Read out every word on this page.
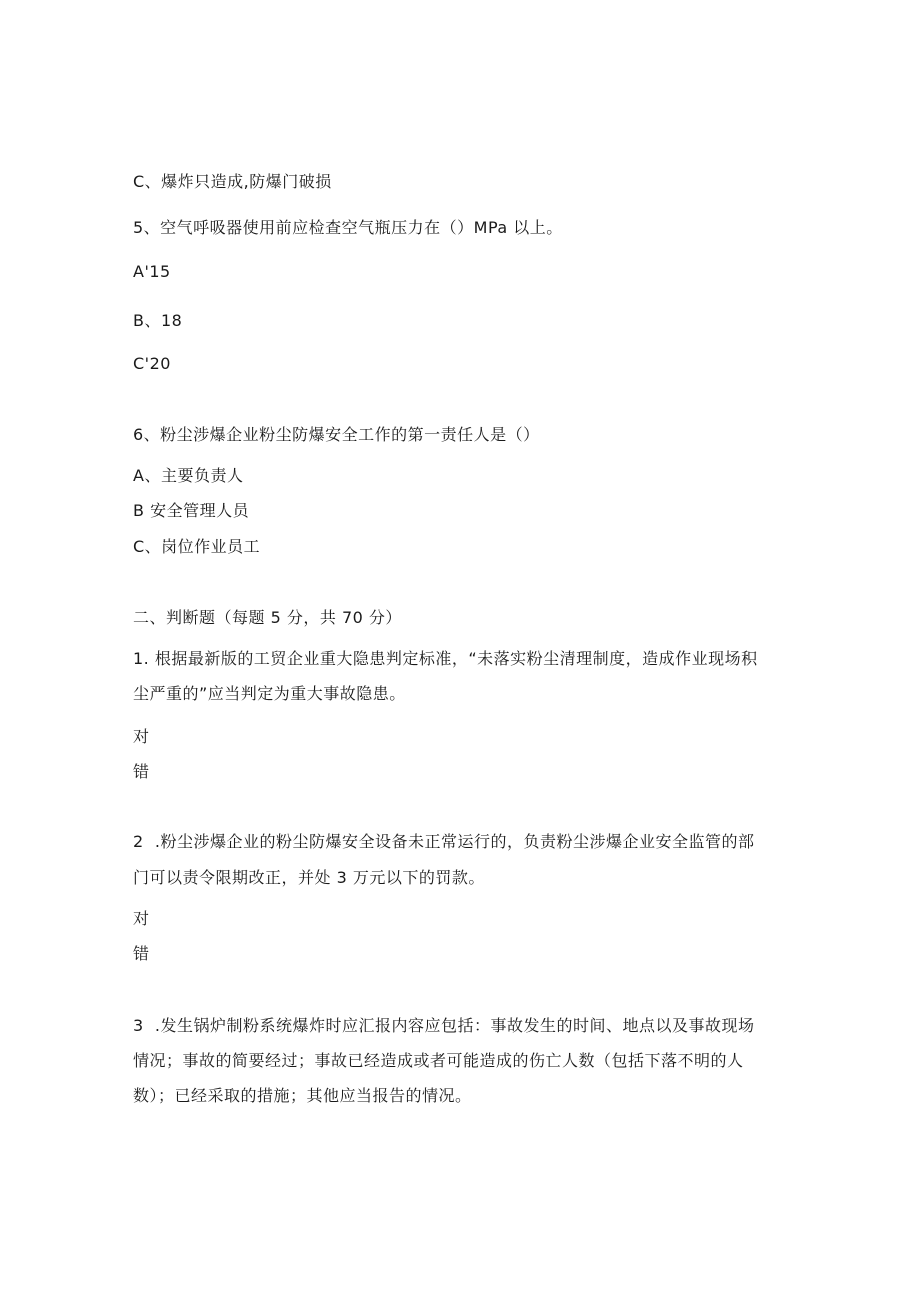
C、爆炸只造成,防爆门破损
5、空气呼吸器使用前应检查空气瓶压力在（）MPa 以上。
A'15
B、18
C'20
6、粉尘涉爆企业粉尘防爆安全工作的第一责任人是（）
A、主要负责人
B 安全管理人员
C、岗位作业员工
二、判断题（每题 5 分，共 70 分）
1. 根据最新版的工贸企业重大隐患判定标准，“未落实粉尘清理制度，造成作业现场积
尘严重的”应当判定为重大事故隐患。
对
错
2  .粉尘涉爆企业的粉尘防爆安全设备未正常运行的，负责粉尘涉爆企业安全监管的部
门可以责令限期改正，并处 3 万元以下的罚款。
对
错
3  .发生锅炉制粉系统爆炸时应汇报内容应包括：事故发生的时间、地点以及事故现场
情况；事故的简要经过；事故已经造成或者可能造成的伤亡人数（包括下落不明的人
数）；已经采取的措施；其他应当报告的情况。
